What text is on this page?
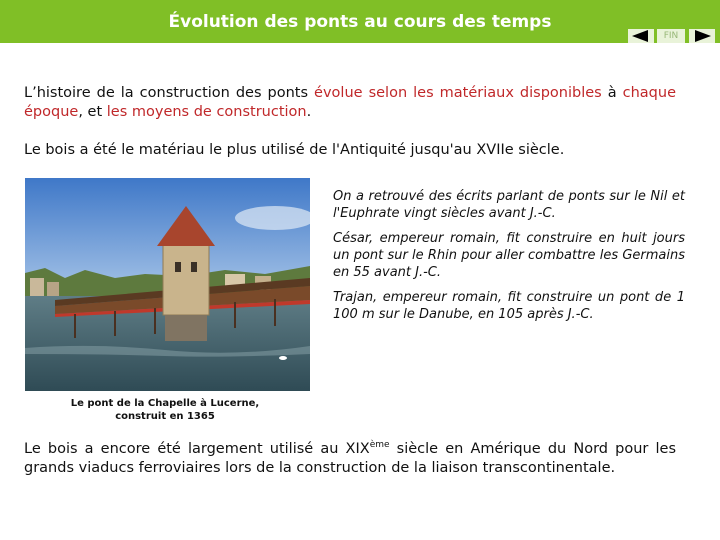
Évolution des ponts au cours des temps
FIN
L’histoire de la construction des ponts évolue selon les matériaux disponibles à chaque époque, et les moyens de construction.
Le bois a été le matériau le plus utilisé de l'Antiquité jusqu'au XVIIe siècle.
Le pont de la Chapelle à Lucerne,
construit en 1365
On a retrouvé des écrits parlant de ponts sur le Nil et l'Euphrate vingt siècles avant J.-C.
César, empereur romain, fit construire en huit jours un pont sur le Rhin pour aller combattre les Germains en 55 avant J.-C.
Trajan, empereur romain, fit construire un pont de 1 100 m sur le Danube, en 105 après J.-C.
Le bois a encore été largement utilisé au XIXème siècle en Amérique du Nord pour les grands viaducs ferroviaires lors de la construction de la liaison transcontinentale.
